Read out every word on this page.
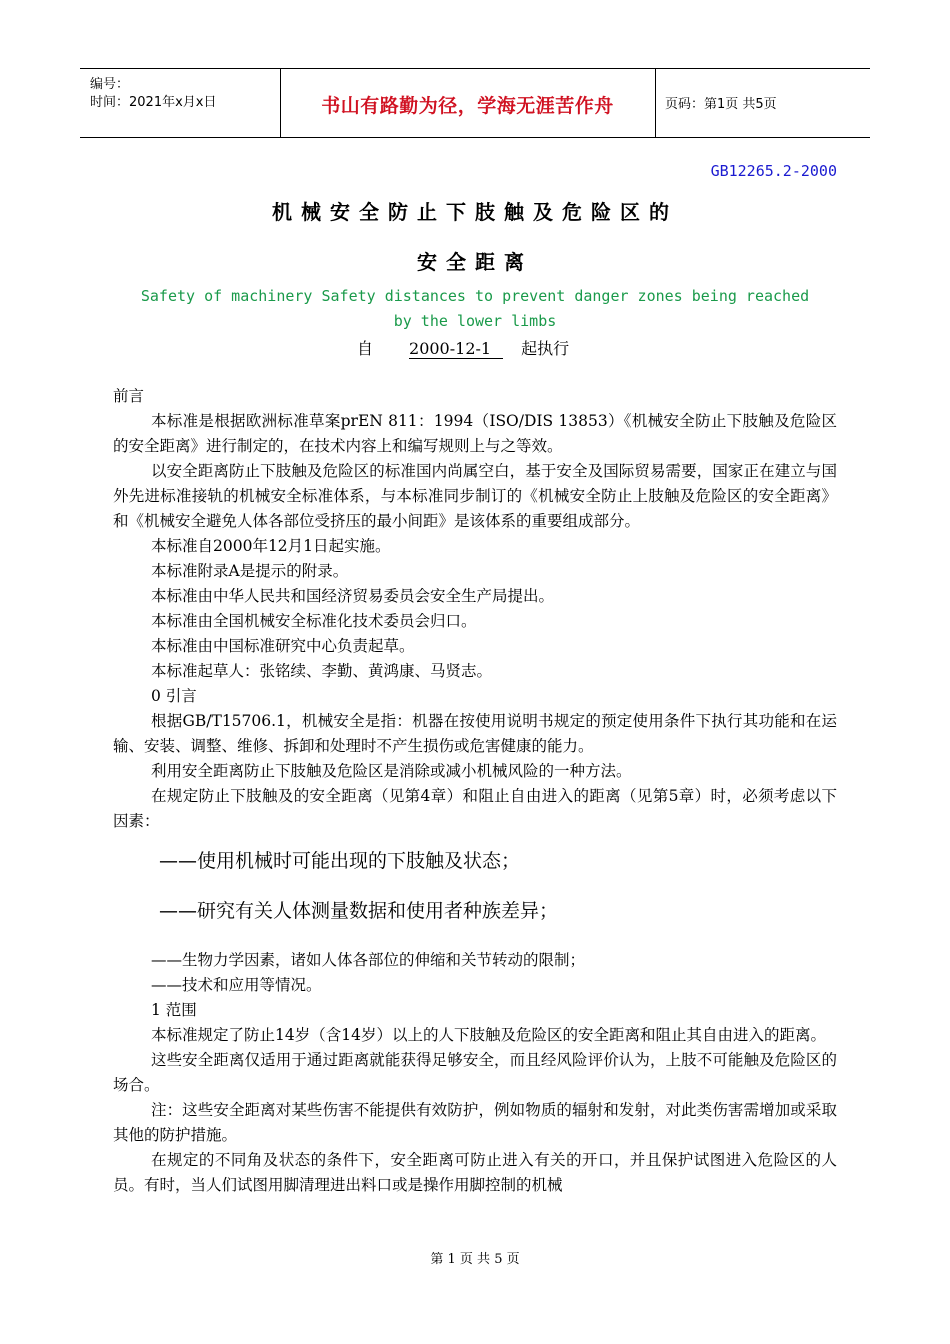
编号：
时间：2021年x月x日	书山有路勤为径，学海无涯苦作舟	页码：第1页 共5页
GB12265.2-2000
机械安全防止下肢触及危险区的
安全距离
Safety of machinery Safety distances to prevent danger zones being reached
by the lower limbs
自 2000-12-1 起执行

前言

本标准是根据欧洲标准草案prEN 811：1994（ISO/DIS 13853）《机械安全防止下肢触及危险区的安全距离》进行制定的，在技术内容上和编写规则上与之等效。

以安全距离防止下肢触及危险区的标准国内尚属空白，基于安全及国际贸易需要，国家正在建立与国外先进标准接轨的机械安全标准体系，与本标准同步制订的《机械安全防止上肢触及危险区的安全距离》和《机械安全避免人体各部位受挤压的最小间距》是该体系的重要组成部分。

本标准自2000年12月1日起实施。

本标准附录A是提示的附录。

本标准由中华人民共和国经济贸易委员会安全生产局提出。

本标准由全国机械安全标准化技术委员会归口。

本标准由中国标准研究中心负责起草。

本标准起草人：张铭续、李勤、黄鸿康、马贤志。

0 引言

根据GB/T15706.1，机械安全是指：机器在按使用说明书规定的预定使用条件下执行其功能和在运输、安装、调整、维修、拆卸和处理时不产生损伤或危害健康的能力。

利用安全距离防止下肢触及危险区是消除或减小机械风险的一种方法。

在规定防止下肢触及的安全距离（见第4章）和阻止自由进入的距离（见第5章）时，必须考虑以下因素：

——使用机械时可能出现的下肢触及状态；

——研究有关人体测量数据和使用者种族差异；

——生物力学因素，诸如人体各部位的伸缩和关节转动的限制；

——技术和应用等情况。

1 范围

本标准规定了防止14岁（含14岁）以上的人下肢触及危险区的安全距离和阻止其自由进入的距离。

这些安全距离仅适用于通过距离就能获得足够安全，而且经风险评价认为，上肢不可能触及危险区的场合。

注：这些安全距离对某些伤害不能提供有效防护，例如物质的辐射和发射，对此类伤害需增加或采取其他的防护措施。

在规定的不同角及状态的条件下，安全距离可防止进入有关的开口，并且保护试图进入危险区的人员。有时，当人们试图用脚清理进出料口或是操作用脚控制的机械

第 1 页 共 5 页
